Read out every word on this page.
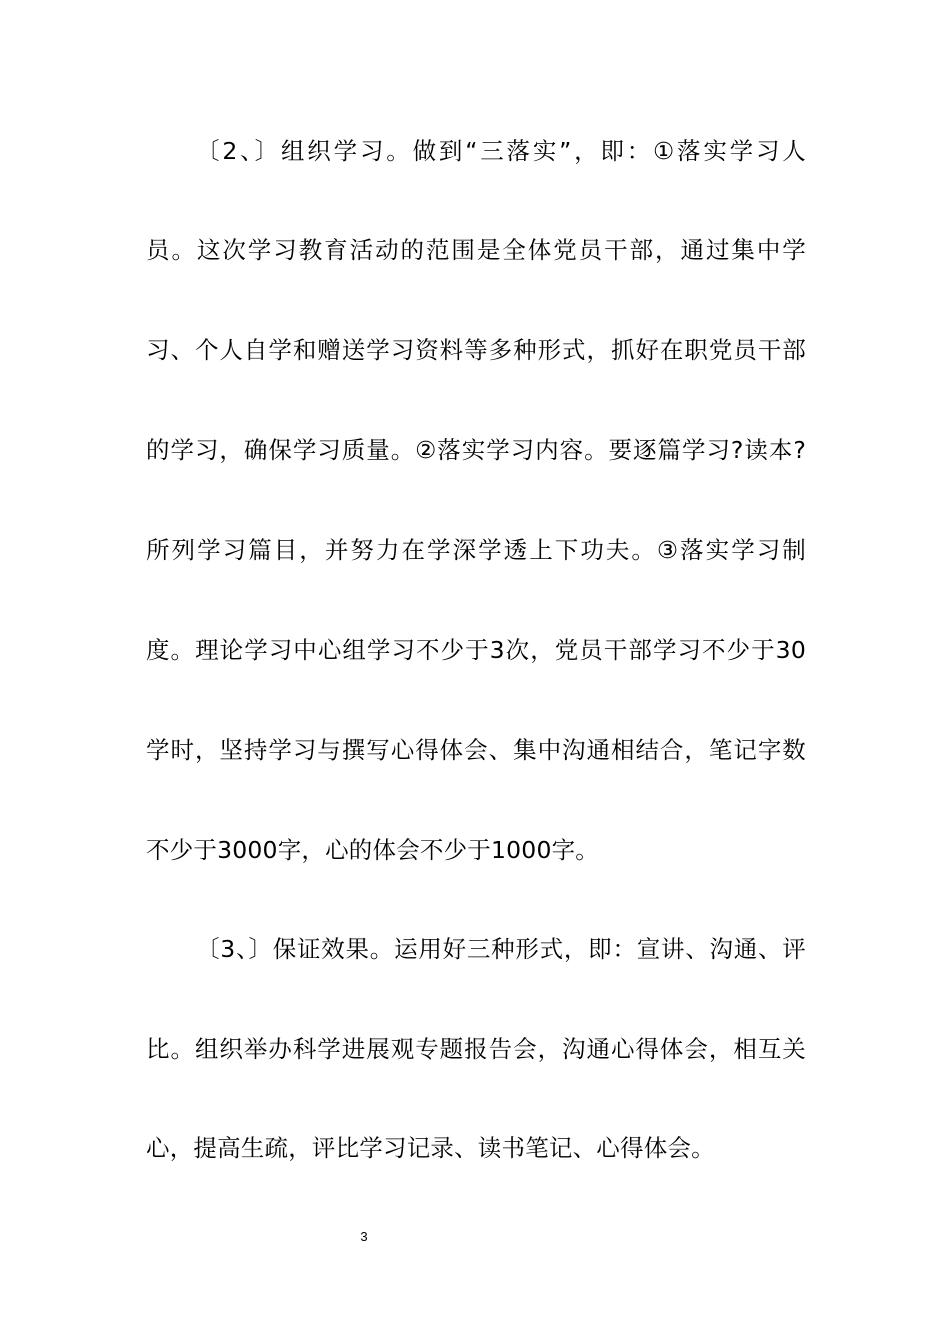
〔2、〕组织学习。做到“三落实”，即：①落实学习人
员。这次学习教育活动的范围是全体党员干部，通过集中学
习、个人自学和赠送学习资料等多种形式，抓好在职党员干部
的学习，确保学习质量。②落实学习内容。要逐篇学习?读本?
所列学习篇目，并努力在学深学透上下功夫。③落实学习制
度。理论学习中心组学习不少于3次，党员干部学习不少于30
学时，坚持学习与撰写心得体会、集中沟通相结合，笔记字数
不少于3000字，心的体会不少于1000字。
〔3、〕保证效果。运用好三种形式，即：宣讲、沟通、评
比。组织举办科学进展观专题报告会，沟通心得体会，相互关
心，提高生疏，评比学习记录、读书笔记、心得体会。
3
